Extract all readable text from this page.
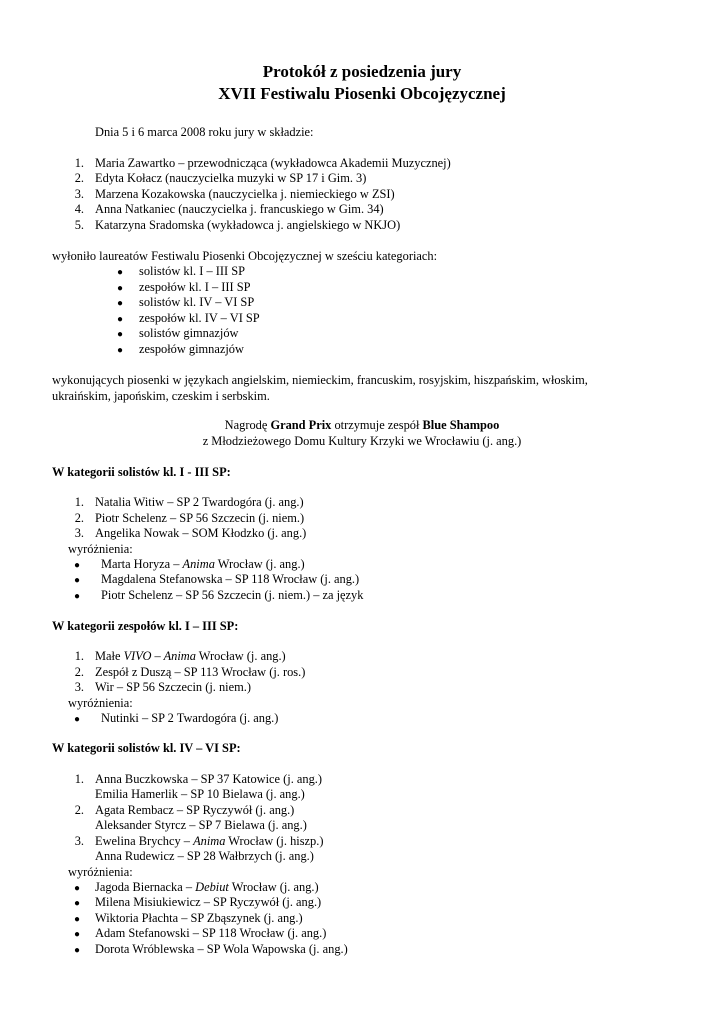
Protokół z posiedzenia jury
XVII Festiwalu Piosenki Obcojęzycznej
Dnia 5 i 6 marca 2008 roku jury w składzie:
1. Maria Zawartko – przewodnicząca (wykładowca Akademii Muzycznej)
2. Edyta Kołacz (nauczycielka muzyki w SP 17 i Gim. 3)
3. Marzena Kozakowska (nauczycielka j. niemieckiego w ZSI)
4. Anna Natkaniec (nauczycielka j. francuskiego w Gim. 34)
5. Katarzyna Sradomska (wykładowca j. angielskiego w NKJO)
wyłoniło laureatów Festiwalu Piosenki Obcojęzycznej w sześciu kategoriach:
● solistów kl. I – III SP
● zespołów kl. I – III SP
● solistów kl. IV – VI SP
● zespołów kl. IV – VI SP
● solistów gimnazjów
● zespołów gimnazjów
wykonujących piosenki w językach angielskim, niemieckim, francuskim, rosyjskim, hiszpańskim, włoskim,
ukraińskim, japońskim, czeskim i serbskim.
Nagrodę Grand Prix otrzymuje zespół Blue Shampoo
z Młodzieżowego Domu Kultury Krzyki we Wrocławiu (j. ang.)
W kategorii solistów kl. I - III SP:
1. Natalia Witiw – SP 2 Twardogóra (j. ang.)
2. Piotr Schelenz – SP 56 Szczecin (j. niem.)
3. Angelika Nowak – SOM Kłodzko (j. ang.)
wyróżnienia:
● Marta Horyza – Anima Wrocław (j. ang.)
● Magdalena Stefanowska – SP 118 Wrocław (j. ang.)
● Piotr Schelenz – SP 56 Szczecin (j. niem.) – za język
W kategorii zespołów kl. I – III SP:
1. Małe VIVO – Anima Wrocław (j. ang.)
2. Zespół z Duszą – SP 113 Wrocław (j. ros.)
3. Wir – SP 56 Szczecin (j. niem.)
wyróżnienia:
● Nutinki – SP 2 Twardogóra (j. ang.)
W kategorii solistów kl. IV – VI SP:
1. Anna Buczkowska – SP 37 Katowice (j. ang.)
Emilia Hamerlik – SP 10 Bielawa (j. ang.)
2. Agata Rembacz – SP Ryczywół (j. ang.)
Aleksander Styrcz – SP 7 Bielawa (j. ang.)
3. Ewelina Brychcy – Anima Wrocław (j. hiszp.)
Anna Rudewicz – SP 28 Wałbrzych (j. ang.)
wyróżnienia:
● Jagoda Biernacka – Debiut Wrocław (j. ang.)
● Milena Misiukiewicz – SP Ryczywół (j. ang.)
● Wiktoria Płachta – SP Zbąszynek (j. ang.)
● Adam Stefanowski – SP 118 Wrocław (j. ang.)
● Dorota Wróblewska – SP Wola Wapowska (j. ang.)
